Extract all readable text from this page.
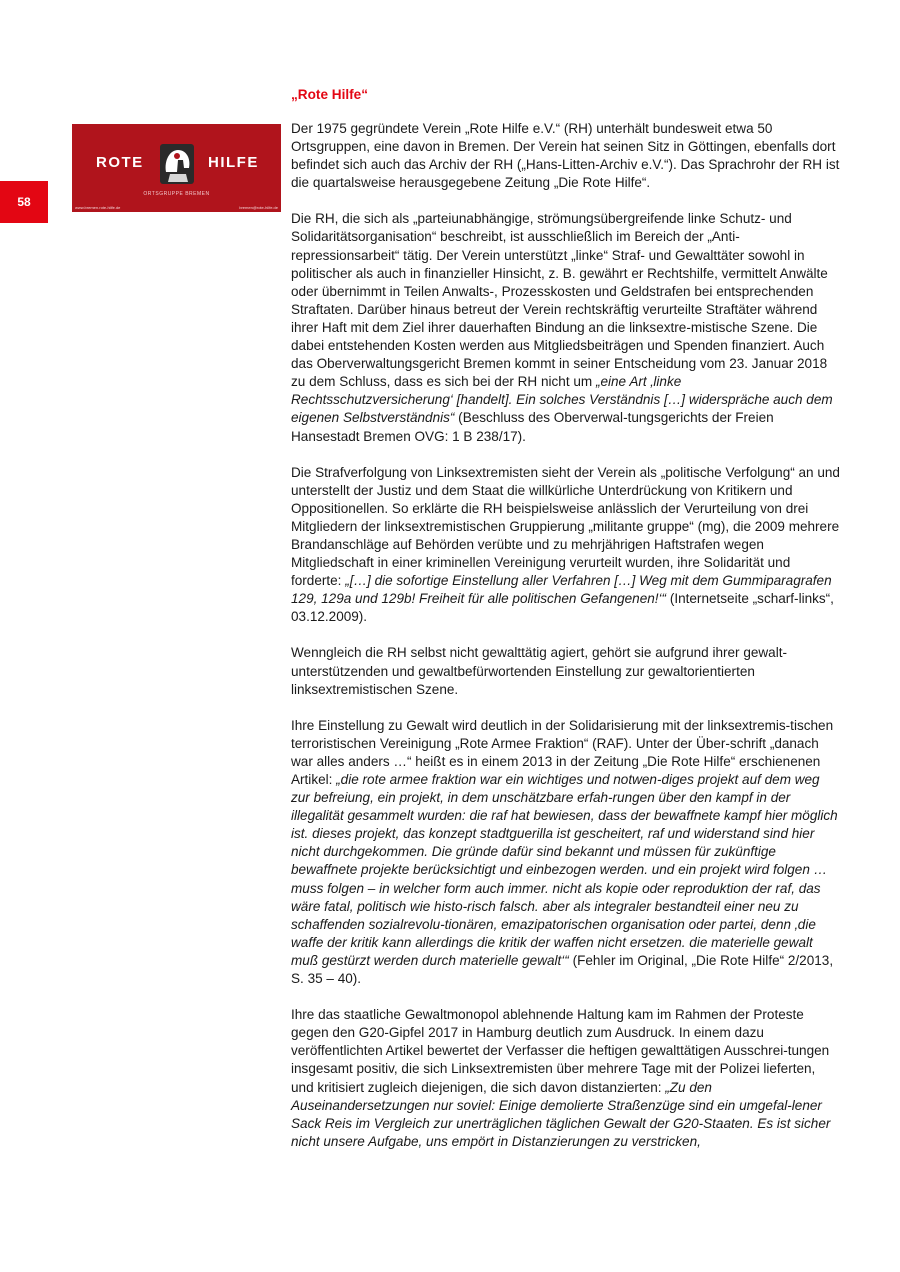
58
ROTE	HILFE
ORTSGRUPPE BREMEN
www.bremen.rote-hilfe.de	bremen@rote-hilfe.de
„Rote Hilfe“

Der 1975 gegründete Verein „Rote Hilfe e.V.“ (RH) unterhält bundesweit etwa 50 Ortsgruppen, eine davon in Bremen. Der Verein hat seinen Sitz in Göttingen, ebenfalls dort befindet sich auch das Archiv der RH („Hans-Litten-Archiv e.V.“). Das Sprachrohr der RH ist die quartalsweise herausgegebene Zeitung „Die Rote Hilfe“.

Die RH, die sich als „parteiunabhängige, strömungsübergreifende linke Schutz- und Solidaritätsorganisation“ beschreibt, ist ausschließlich im Bereich der „Anti-repressionsarbeit“ tätig. Der Verein unterstützt „linke“ Straf- und Gewalttäter sowohl in politischer als auch in finanzieller Hinsicht, z. B. gewährt er Rechtshilfe, vermittelt Anwälte oder übernimmt in Teilen Anwalts-, Prozesskosten und Geldstrafen bei entsprechenden Straftaten. Darüber hinaus betreut der Verein rechtskräftig verurteilte Straftäter während ihrer Haft mit dem Ziel ihrer dauerhaften Bindung an die linksextre-mistische Szene. Die dabei entstehenden Kosten werden aus Mitgliedsbeiträgen und Spenden finanziert. Auch das Oberverwaltungsgericht Bremen kommt in seiner Entscheidung vom 23. Januar 2018 zu dem Schluss, dass es sich bei der RH nicht um „eine Art ‚linke Rechtsschutzversicherung‘ [handelt]. Ein solches Verständnis […] widerspräche auch dem eigenen Selbstverständnis“ (Beschluss des Oberverwal-tungsgerichts der Freien Hansestadt Bremen OVG: 1 B 238/17).

Die Strafverfolgung von Linksextremisten sieht der Verein als „politische Verfolgung“ an und unterstellt der Justiz und dem Staat die willkürliche Unterdrückung von Kritikern und Oppositionellen. So erklärte die RH beispielsweise anlässlich der Verurteilung von drei Mitgliedern der linksextremistischen Gruppierung „militante gruppe“ (mg), die 2009 mehrere Brandanschläge auf Behörden verübte und zu mehrjährigen Haftstrafen wegen Mitgliedschaft in einer kriminellen Vereinigung verurteilt wurden, ihre Solidarität und forderte: „[…] die sofortige Einstellung aller Verfahren […] Weg mit dem Gummiparagrafen 129, 129a und 129b! Freiheit für alle politischen Gefangenen!‘“ (Internetseite „scharf-links“, 03.12.2009).

Wenngleich die RH selbst nicht gewalttätig agiert, gehört sie aufgrund ihrer gewalt-unterstützenden und gewaltbefürwortenden Einstellung zur gewaltorientierten linksextremistischen Szene.

Ihre Einstellung zu Gewalt wird deutlich in der Solidarisierung mit der linksextremis-tischen terroristischen Vereinigung „Rote Armee Fraktion“ (RAF). Unter der Über-schrift „danach war alles anders …“ heißt es in einem 2013 in der Zeitung „Die Rote Hilfe“ erschienenen Artikel: „die rote armee fraktion war ein wichtiges und notwen-diges projekt auf dem weg zur befreiung, ein projekt, in dem unschätzbare erfah-rungen über den kampf in der illegalität gesammelt wurden: die raf hat bewiesen, dass der bewaffnete kampf hier möglich ist. dieses projekt, das konzept stadtguerilla ist gescheitert, raf und widerstand sind hier nicht durchgekommen. Die gründe dafür sind bekannt und müssen für zukünftige bewaffnete projekte berücksichtigt und einbezogen werden. und ein projekt wird folgen … muss folgen – in welcher form auch immer. nicht als kopie oder reproduktion der raf, das wäre fatal, politisch wie histo-risch falsch. aber als integraler bestandteil einer neu zu schaffenden sozialrevolu-tionären, emazipatorischen organisation oder partei, denn ‚die waffe der kritik kann allerdings die kritik der waffen nicht ersetzen. die materielle gewalt muß gestürzt werden durch materielle gewalt‘“ (Fehler im Original, „Die Rote Hilfe“ 2/2013, S. 35 – 40).

Ihre das staatliche Gewaltmonopol ablehnende Haltung kam im Rahmen der Proteste gegen den G20-Gipfel 2017 in Hamburg deutlich zum Ausdruck. In einem dazu veröffentlichten Artikel bewertet der Verfasser die heftigen gewalttätigen Ausschrei-tungen insgesamt positiv, die sich Linksextremisten über mehrere Tage mit der Polizei lieferten, und kritisiert zugleich diejenigen, die sich davon distanzierten: „Zu den Auseinandersetzungen nur soviel: Einige demolierte Straßenzüge sind ein umgefal-lener Sack Reis im Vergleich zur unerträglichen täglichen Gewalt der G20-Staaten. Es ist sicher nicht unsere Aufgabe, uns empört in Distanzierungen zu verstricken,
